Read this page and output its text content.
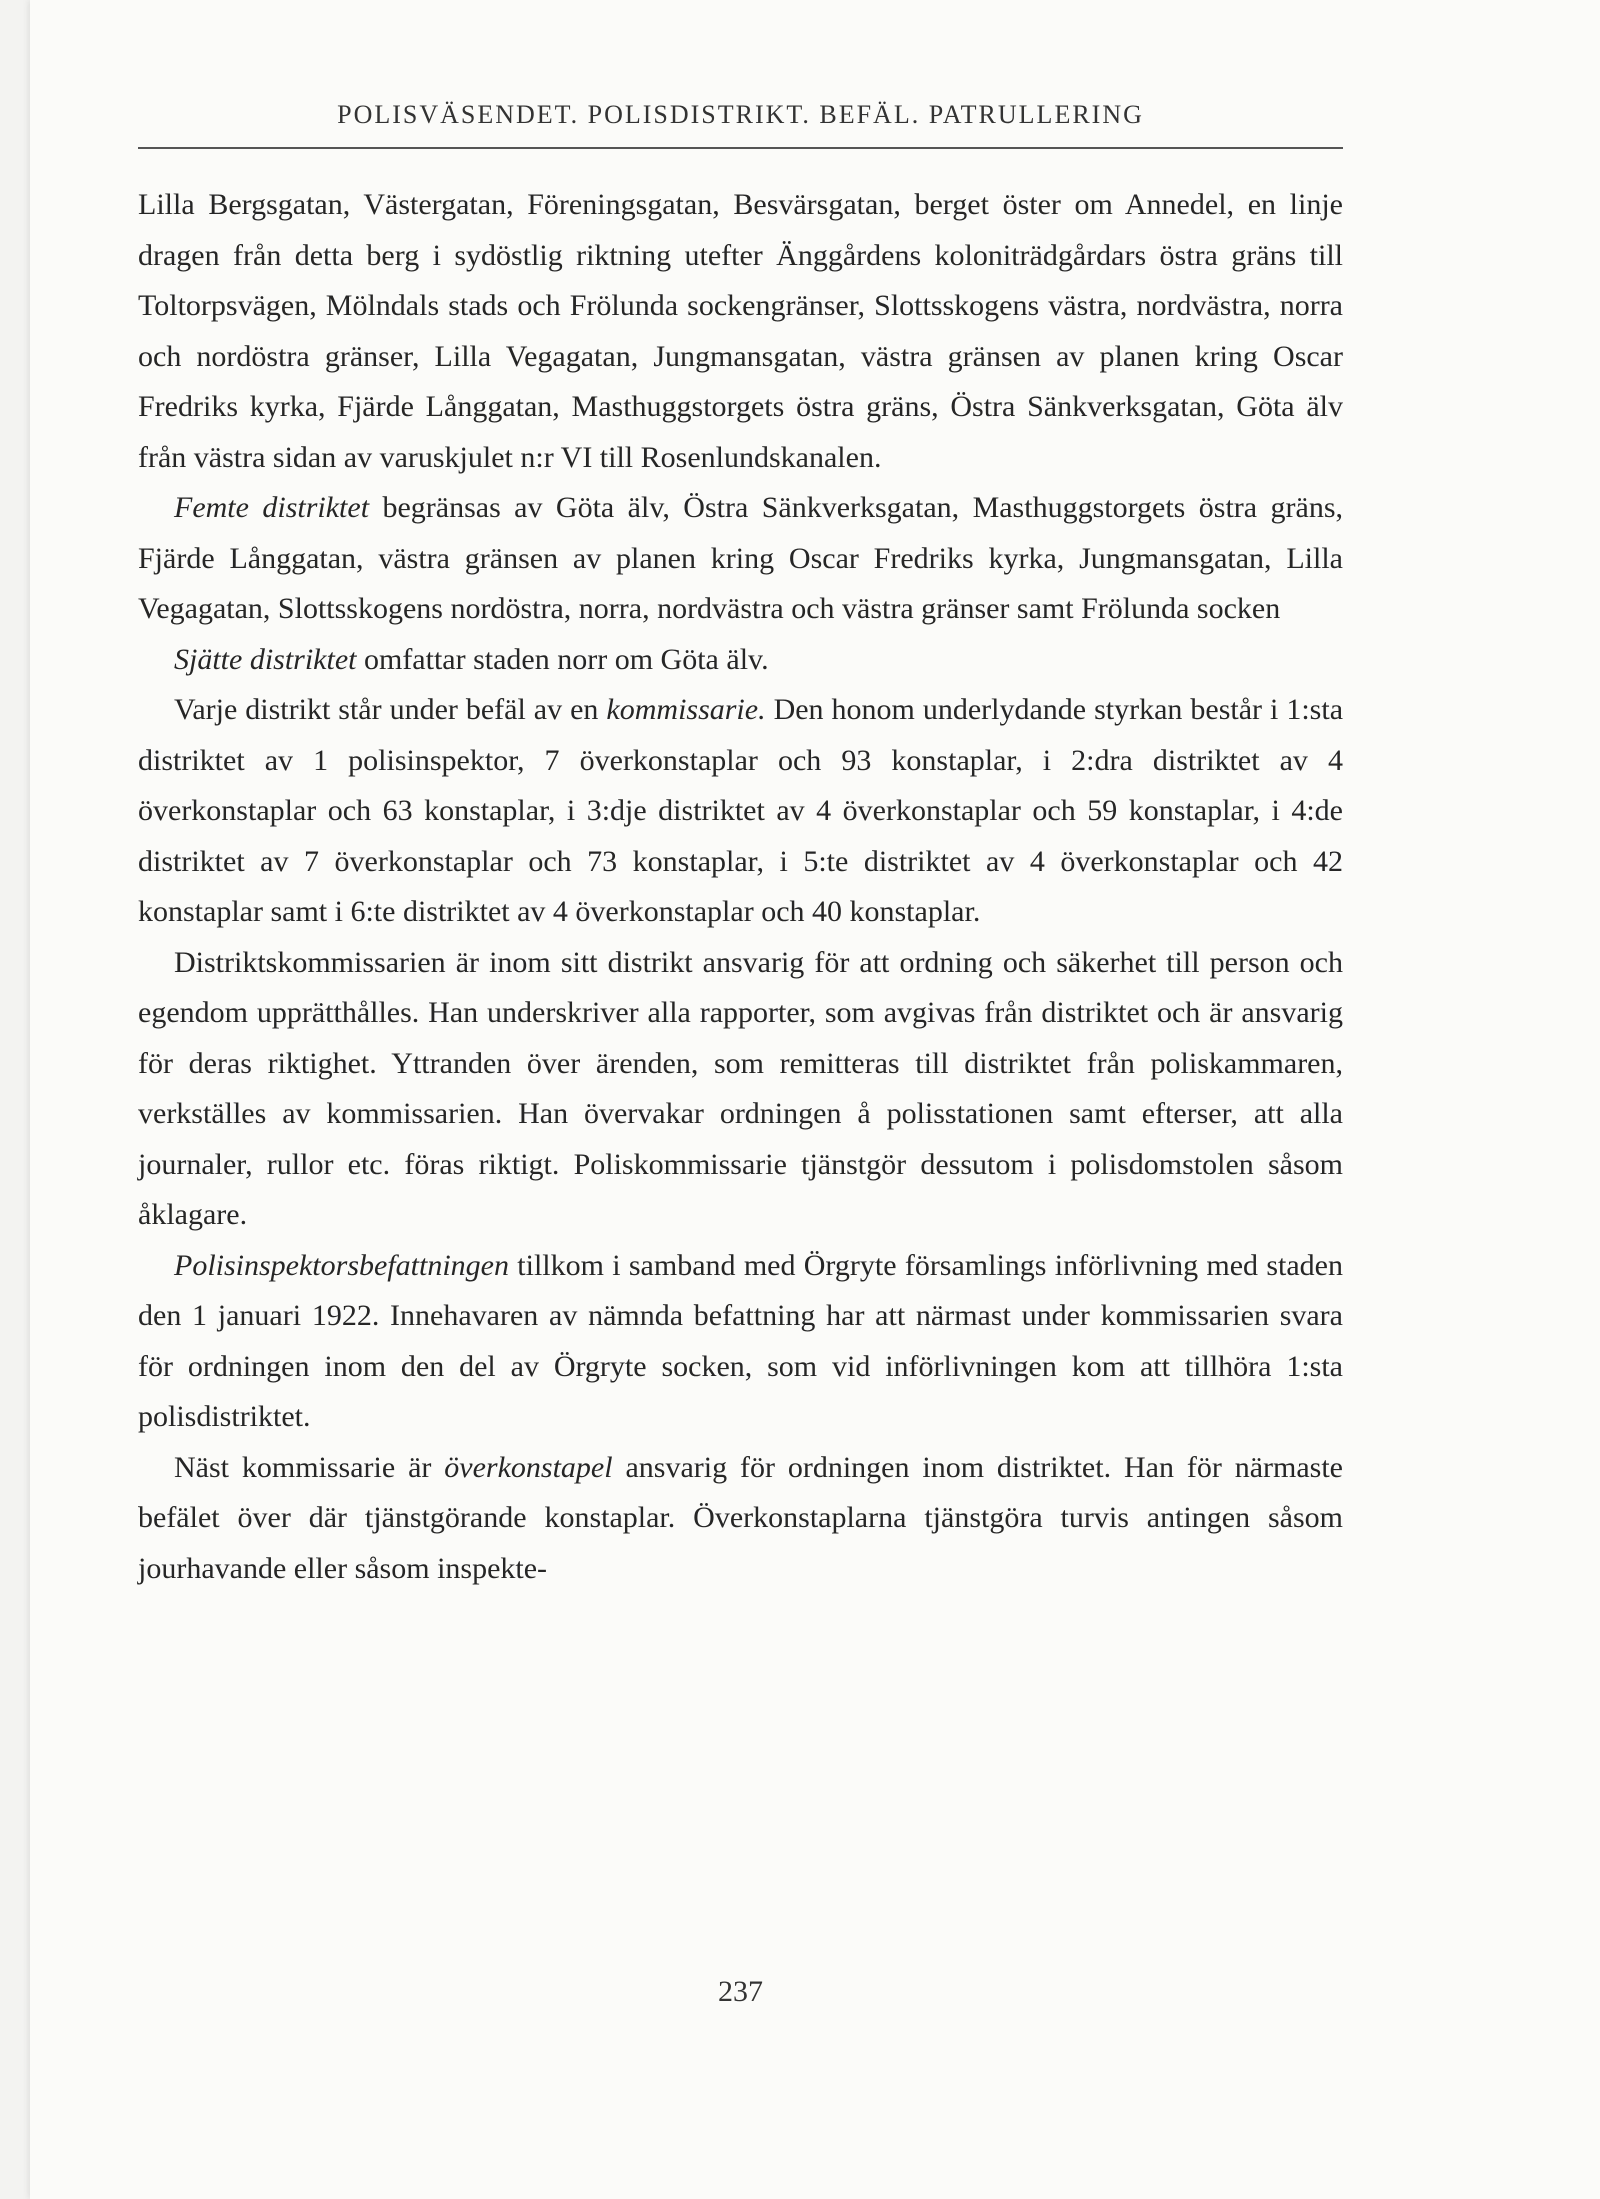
POLISVÄSENDET. POLISDISTRIKT. BEFÄL. PATRULLERING

Lilla Bergsgatan, Västergatan, Föreningsgatan, Besvärsgatan, berget öster om Annedel, en linje dragen från detta berg i sydöstlig riktning utefter Änggårdens koloniträdgårdars östra gräns till Toltorpsvägen, Mölndals stads och Frölunda sockengränser, Slottsskogens västra, nordvästra, norra och nordöstra gränser, Lilla Vegagatan, Jungmansgatan, västra gränsen av planen kring Oscar Fredriks kyrka, Fjärde Långgatan, Masthuggstorgets östra gräns, Östra Sänkverksgatan, Göta älv från västra sidan av varuskjulet n:r VI till Rosenlundskanalen.

Femte distriktet begränsas av Göta älv, Östra Sänkverksgatan, Masthuggstorgets östra gräns, Fjärde Långgatan, västra gränsen av planen kring Oscar Fredriks kyrka, Jungmansgatan, Lilla Vegagatan, Slottsskogens nordöstra, norra, nordvästra och västra gränser samt Frölunda socken

Sjätte distriktet omfattar staden norr om Göta älv.

Varje distrikt står under befäl av en kommissarie. Den honom underlydande styrkan består i 1:sta distriktet av 1 polisinspektor, 7 överkonstaplar och 93 konstaplar, i 2:dra distriktet av 4 överkonstaplar och 63 konstaplar, i 3:dje distriktet av 4 överkonstaplar och 59 konstaplar, i 4:de distriktet av 7 överkonstaplar och 73 konstaplar, i 5:te distriktet av 4 överkonstaplar och 42 konstaplar samt i 6:te distriktet av 4 överkonstaplar och 40 konstaplar.

Distriktskommissarien är inom sitt distrikt ansvarig för att ordning och säkerhet till person och egendom upprätthålles. Han underskriver alla rapporter, som avgivas från distriktet och är ansvarig för deras riktighet. Yttranden över ärenden, som remitteras till distriktet från poliskammaren, verkställes av kommissarien. Han övervakar ordningen å polisstationen samt efterser, att alla journaler, rullor etc. föras riktigt. Poliskommissarie tjänstgör dessutom i polisdomstolen såsom åklagare.

Polisinspektorsbefattningen tillkom i samband med Örgryte församlings införlivning med staden den 1 januari 1922. Innehavaren av nämnda befattning har att närmast under kommissarien svara för ordningen inom den del av Örgryte socken, som vid införlivningen kom att tillhöra 1:sta polisdistriktet.

Näst kommissarie är överkonstapel ansvarig för ordningen inom distriktet. Han för närmaste befälet över där tjänstgörande konstaplar. Överkonstaplarna tjänstgöra turvis antingen såsom jourhavande eller såsom inspekte-

237
